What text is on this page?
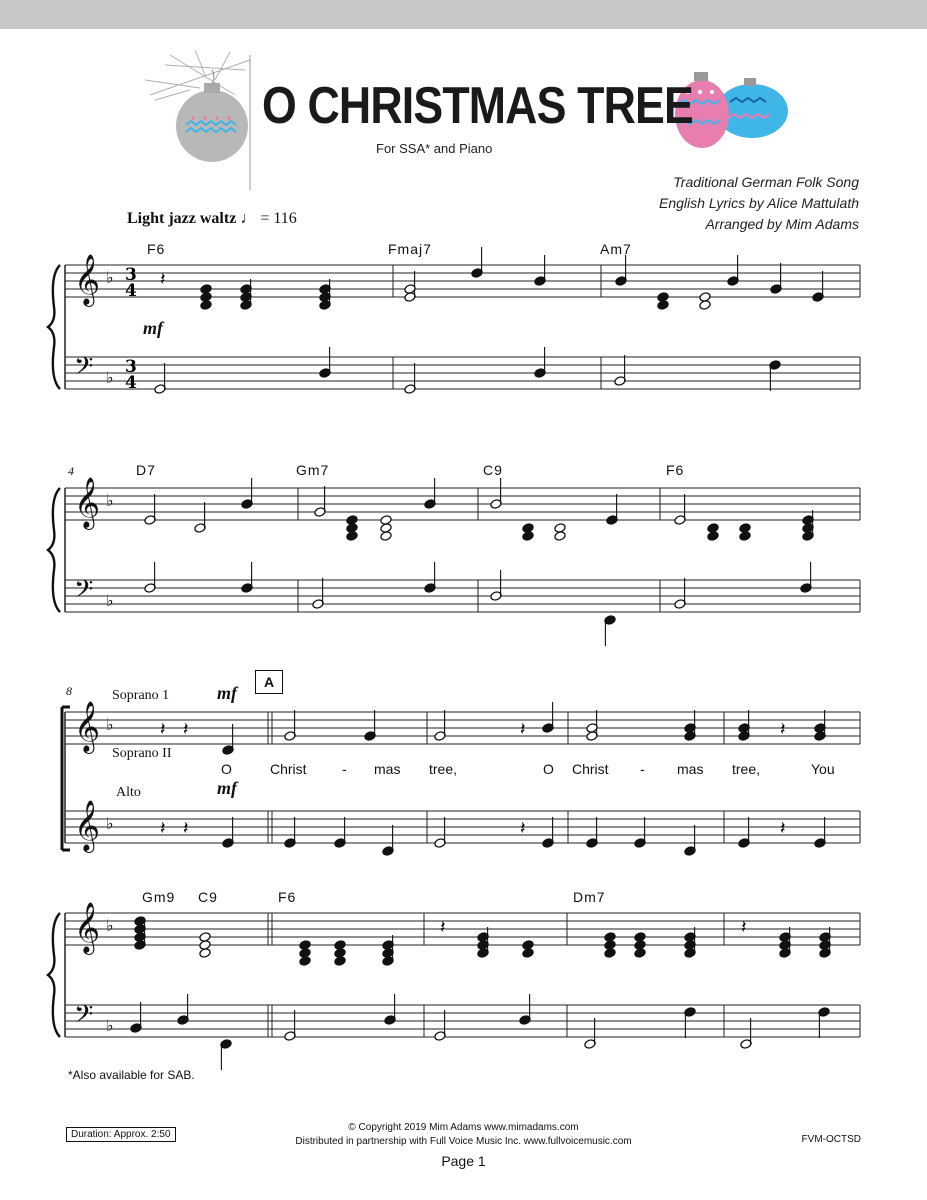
O CHRISTMAS TREE
For SSA* and Piano
Traditional German Folk Song
English Lyrics by Alice Mattulath
Arranged by Mim Adams
Light jazz waltz ♩ = 116
F6	Fmaj7	Am7
mf
4	D7	Gm7	C9	F6
8	Soprano 1	mf
A
Soprano II
Alto	mf
O	Christ	- mas tree,	O Christ - mas tree,	You
Gm9 C9	F6	Dm7
𝄞
𝄢
♭
♭
3
4
3
4
𝄽
𝄞
𝄢
♭
♭
𝄞
𝄞
♭
♭
𝄽 𝄽	𝄽	𝄽
𝄽 𝄽	𝄽	𝄽
𝄞
𝄢
♭
♭
𝄽	𝄽
*Also available for SAB.
Duration: Approx. 2:50
© Copyright 2019 Mim Adams www.mimadams.com
Distributed in partnership with Full Voice Music Inc. www.fullvoicemusic.com	FVM-OCTSD
Page 1
